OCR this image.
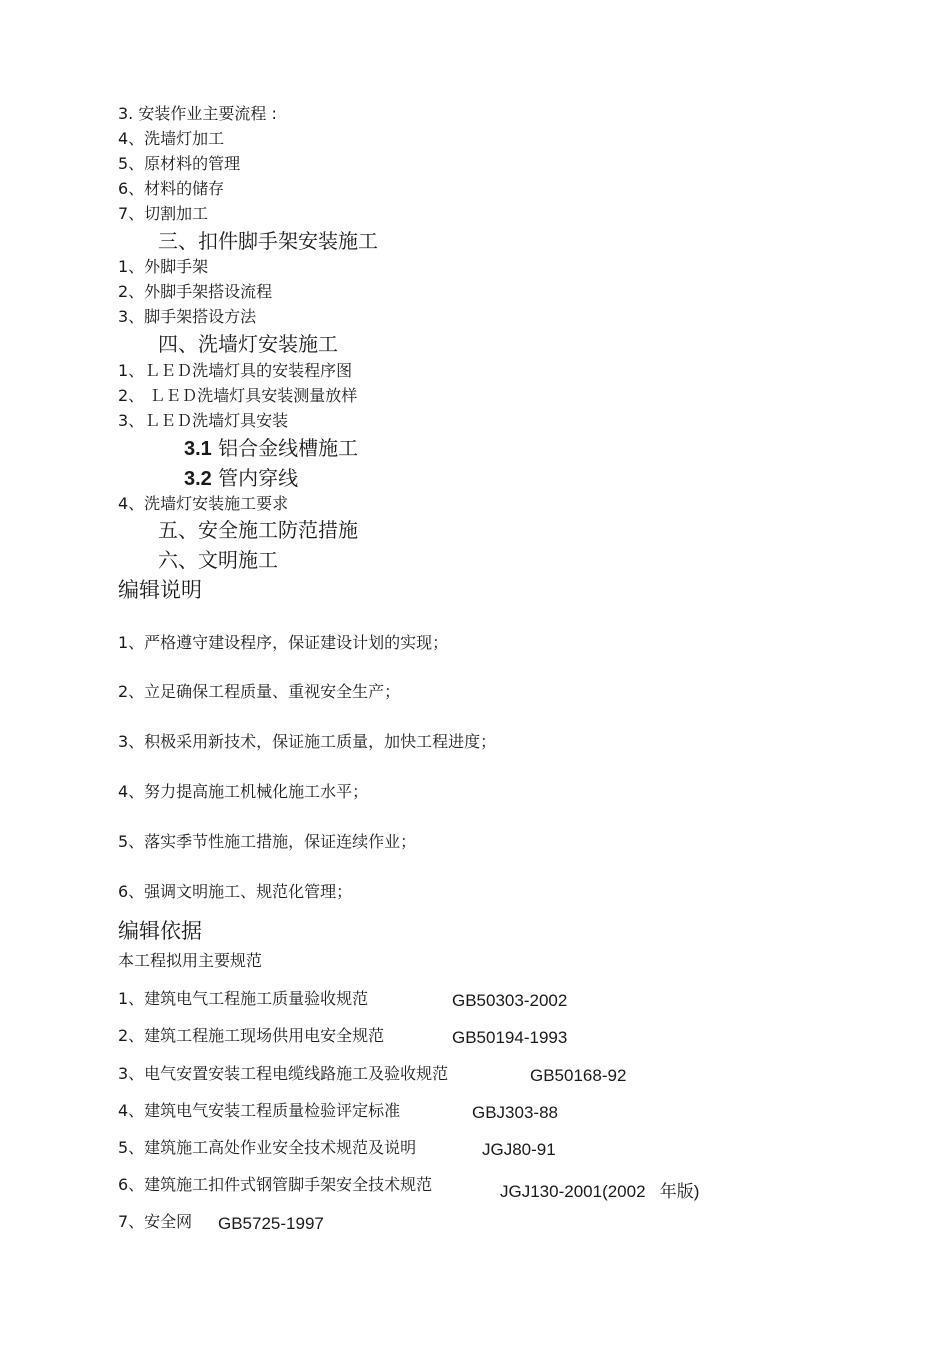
3. 安装作业主要流程 :
4、洗墙灯加工
5、原材料的管理
6、材料的储存
7、切割加工
三、扣件脚手架安装施工
1、外脚手架
2、外脚手架搭设流程
3、脚手架搭设方法
四、洗墙灯安装施工
1、ＬＥＤ洗墙灯具的安装程序图
2、 ＬＥＤ洗墙灯具安装测量放样
3、ＬＥＤ洗墙灯具安装
3.1 铝合金线槽施工
3.2 管内穿线
4、洗墙灯安装施工要求
五、安全施工防范措施
六、文明施工
编辑说明
1、严格遵守建设程序，保证建设计划的实现；
2、立足确保工程质量、重视安全生产；
3、积极采用新技术，保证施工质量，加快工程进度；
4、努力提高施工机械化施工水平；
5、落实季节性施工措施，保证连续作业；
6、强调文明施工、规范化管理；
编辑依据
本工程拟用主要规范
1、建筑电气工程施工质量验收规范	GB50303-2002
2、建筑工程施工现场供用电安全规范	GB50194-1993
3、电气安置安装工程电缆线路施工及验收规范	GB50168-92
4、建筑电气安装工程质量检验评定标准	GBJ303-88
5、建筑施工高处作业安全技术规范及说明	JGJ80-91
6、建筑施工扣件式钢管脚手架安全技术规范	JGJ130-2001(2002   年版)
7、安全网 GB5725-1997
